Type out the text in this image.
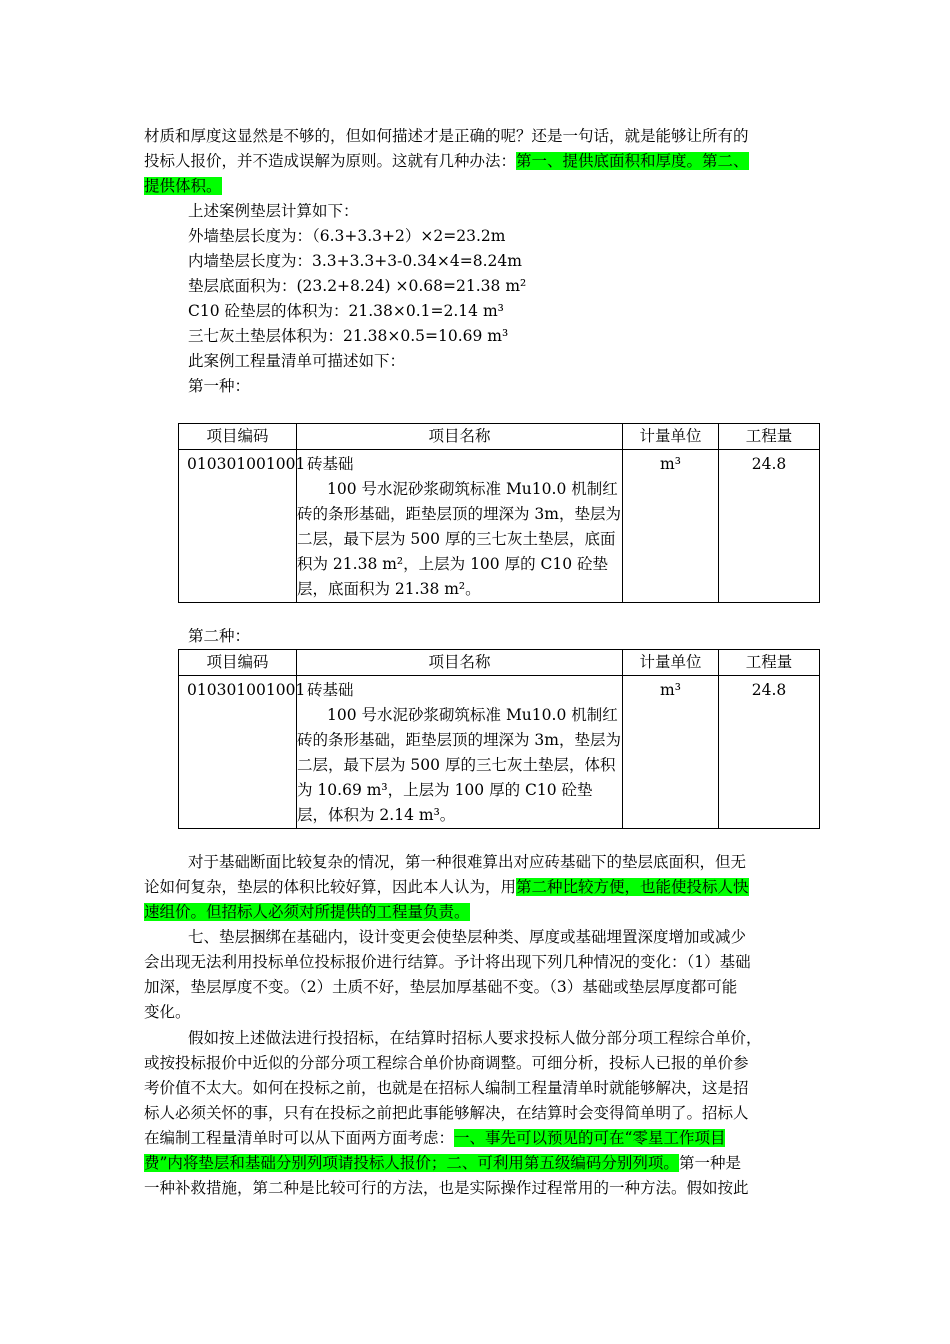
材质和厚度这显然是不够的，但如何描述才是正确的呢？还是一句话，就是能够让所有的
投标人报价，并不造成误解为原则。这就有几种办法：第一、提供底面积和厚度。第二、
提供体积。
上述案例垫层计算如下：
外墙垫层长度为：（6.3+3.3+2）×2=23.2m
内墙垫层长度为：3.3+3.3+3-0.34×4=8.24m
垫层底面积为：(23.2+8.24) ×0.68=21.38 m²
C10 砼垫层的体积为：21.38×0.1=2.14 m³
三七灰土垫层体积为：21.38×0.5=10.69 m³
此案例工程量清单可描述如下：
第一种：
项目编码	项目名称	计量单位	工程量
010301001001	砖基础
100 号水泥砂浆砌筑标准 Mu10.0 机制红砖的条形基础，距垫层顶的埋深为 3m，垫层为二层，最下层为 500 厚的三七灰土垫层，底面积为 21.38 m²，上层为 100 厚的 C10 砼垫层，底面积为 21.38 m²。	m³	24.8
第二种：
项目编码	项目名称	计量单位	工程量
010301001001	砖基础
100 号水泥砂浆砌筑标准 Mu10.0 机制红砖的条形基础，距垫层顶的埋深为 3m，垫层为二层，最下层为 500 厚的三七灰土垫层，体积为 10.69 m³，上层为 100 厚的 C10 砼垫层，体积为 2.14 m³。	m³	24.8
对于基础断面比较复杂的情况，第一种很难算出对应砖基础下的垫层底面积，但无
论如何复杂，垫层的体积比较好算，因此本人认为，用第二种比较方便，也能使投标人快
速组价。但招标人必须对所提供的工程量负责。
七、垫层捆绑在基础内，设计变更会使垫层种类、厚度或基础埋置深度增加或减少
会出现无法利用投标单位投标报价进行结算。予计将出现下列几种情况的变化：（1）基础
加深，垫层厚度不变。（2）土质不好，垫层加厚基础不变。（3）基础或垫层厚度都可能
变化。
假如按上述做法进行投招标，在结算时招标人要求投标人做分部分项工程综合单价，
或按投标报价中近似的分部分项工程综合单价协商调整。可细分析，投标人已报的单价参
考价值不太大。如何在投标之前，也就是在招标人编制工程量清单时就能够解决，这是招
标人必须关怀的事，只有在投标之前把此事能够解决，在结算时会变得简单明了。招标人
在编制工程量清单时可以从下面两方面考虑：一、事先可以预见的可在“零星工作项目
费”内将垫层和基础分别列项请投标人报价；二、可利用第五级编码分别列项。第一种是
一种补救措施，第二种是比较可行的方法，也是实际操作过程常用的一种方法。假如按此
